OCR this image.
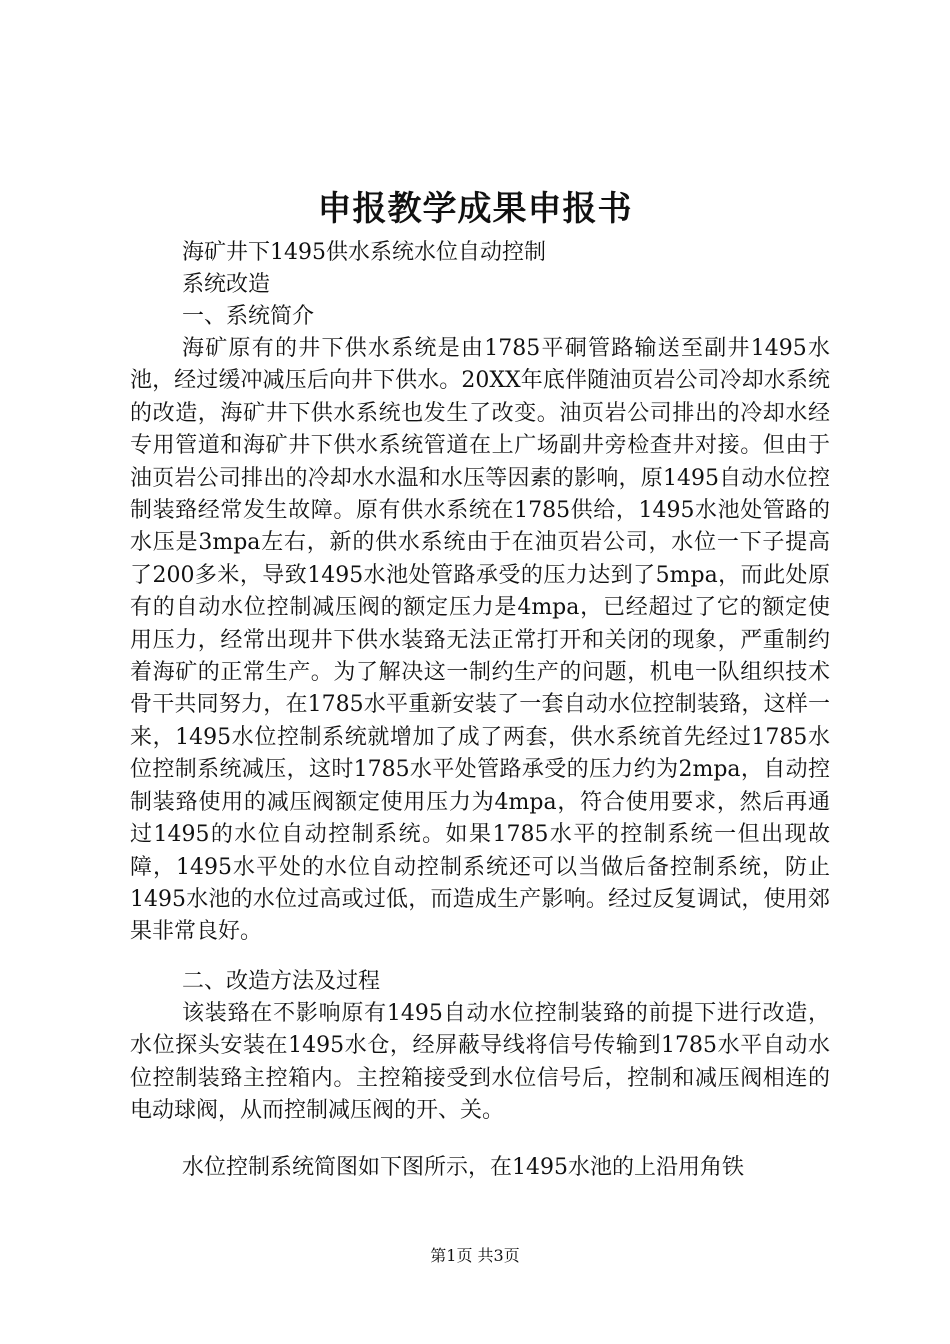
申报教学成果申报书

海矿井下1495供水系统水位自动控制

系统改造

一、系统简介

海矿原有的井下供水系统是由1785平硐管路输送至副井1495水池，经过缓冲减压后向井下供水。20XX年底伴随油页岩公司冷却水系统的改造，海矿井下供水系统也发生了改变。油页岩公司排出的冷却水经专用管道和海矿井下供水系统管道在上广场副井旁检查井对接。但由于油页岩公司排出的冷却水水温和水压等因素的影响，原1495自动水位控制装臵经常发生故障。原有供水系统在1785供给，1495水池处管路的水压是3mpa左右，新的供水系统由于在油页岩公司，水位一下子提高了200多米，导致1495水池处管路承受的压力达到了5mpa，而此处原有的自动水位控制减压阀的额定压力是4mpa，已经超过了它的额定使用压力，经常出现井下供水装臵无法正常打开和关闭的现象，严重制约着海矿的正常生产。为了解决这一制约生产的问题，机电一队组织技术骨干共同努力，在1785水平重新安装了一套自动水位控制装臵，这样一来，1495水位控制系统就增加了成了两套，供水系统首先经过1785水位控制系统减压，这时1785水平处管路承受的压力约为2mpa，自动控制装臵使用的减压阀额定使用压力为4mpa，符合使用要求，然后再通过1495的水位自动控制系统。如果1785水平的控制系统一但出现故障，1495水平处的水位自动控制系统还可以当做后备控制系统，防止1495水池的水位过高或过低，而造成生产影响。经过反复调试，使用郊果非常良好。

二、改造方法及过程

该装臵在不影响原有1495自动水位控制装臵的前提下进行改造，水位探头安装在1495水仓，经屏蔽导线将信号传输到1785水平自动水位控制装臵主控箱内。主控箱接受到水位信号后，控制和减压阀相连的电动球阀，从而控制减压阀的开、关。

水位控制系统简图如下图所示，在1495水池的上沿用角铁

第1页 共3页
